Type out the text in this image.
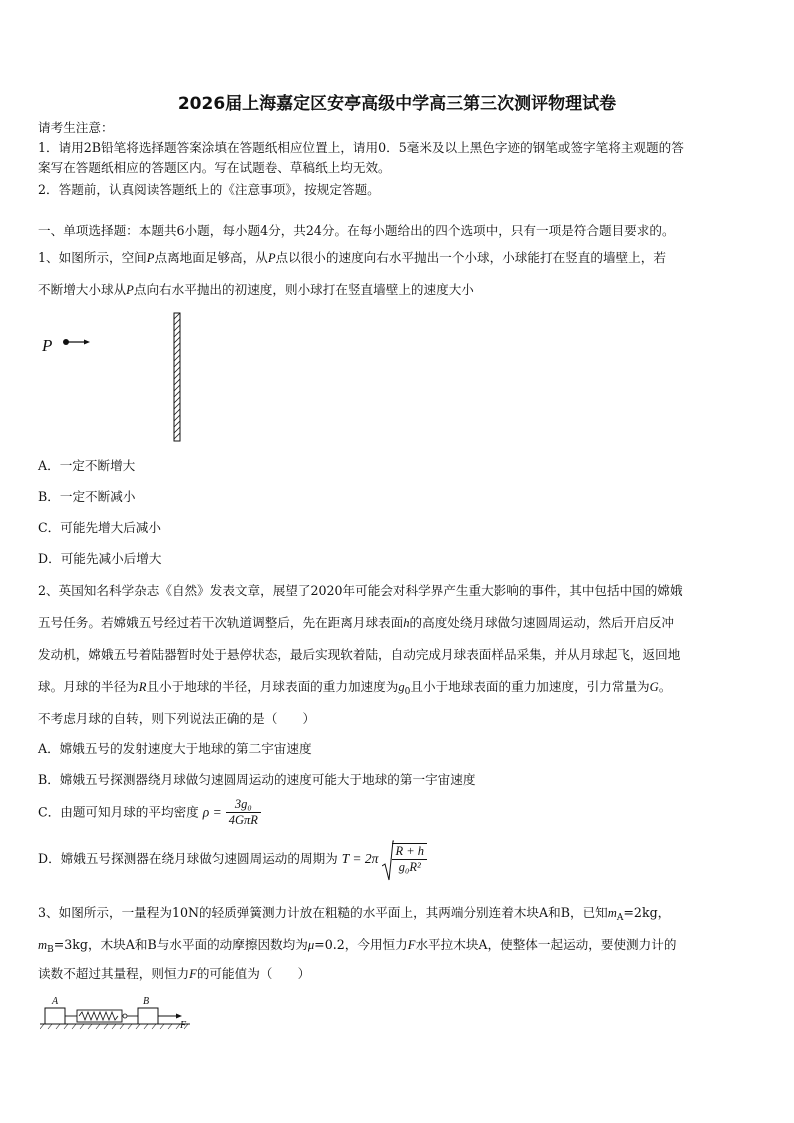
2026届上海嘉定区安亭高级中学高三第三次测评物理试卷
请考生注意：
1．请用2B铅笔将选择题答案涂填在答题纸相应位置上，请用0．5毫米及以上黑色字迹的钢笔或签字笔将主观题的答
案写在答题纸相应的答题区内。写在试题卷、草稿纸上均无效。
2．答题前，认真阅读答题纸上的《注意事项》，按规定答题。
一、单项选择题：本题共6小题，每小题4分，共24分。在每小题给出的四个选项中，只有一项是符合题目要求的。
1、如图所示，空间P点离地面足够高，从P点以很小的速度向右水平抛出一个小球，小球能打在竖直的墙壁上，若
不断增大小球从P点向右水平抛出的初速度，则小球打在竖直墙壁上的速度大小
P
A．一定不断增大
B．一定不断减小
C．可能先增大后减小
D．可能先减小后增大
2、英国知名科学杂志《自然》发表文章，展望了2020年可能会对科学界产生重大影响的事件，其中包括中国的嫦娥
五号任务。若嫦娥五号经过若干次轨道调整后，先在距离月球表面h的高度处绕月球做匀速圆周运动，然后开启反冲
发动机，嫦娥五号着陆器暂时处于悬停状态，最后实现软着陆，自动完成月球表面样品采集，并从月球起飞，返回地
球。月球的半径为R且小于地球的半径，月球表面的重力加速度为$g_0$且小于地球表面的重力加速度，引力常量为G。
不考虑月球的自转，则下列说法正确的是（　　）
A．嫦娥五号的发射速度大于地球的第二宇宙速度
B．嫦娥五号探测器绕月球做匀速圆周运动的速度可能大于地球的第一宇宙速度
C．由题可知月球的平均密度 $\rho = \frac{\text{3g₀}}{\text{4GπR}}$
D．嫦娥五号探测器在绕月球做匀速圆周运动的周期为 $T = 2\pi \frac{R + h}{\text{g₀R²}}$
3、如图所示，一量程为10N的轻质弹簧测力计放在粗糙的水平面上，其两端分别连着木块A和B，已知$m_A=2kg$，
$m_B=3kg$，木块A和B与水平面的动摩擦因数均为μ=0.2，今用恒力F水平拉木块A，使整体一起运动，要使测力计的
读数不超过其量程，则恒力F的可能值为（　　）
A	B
F
